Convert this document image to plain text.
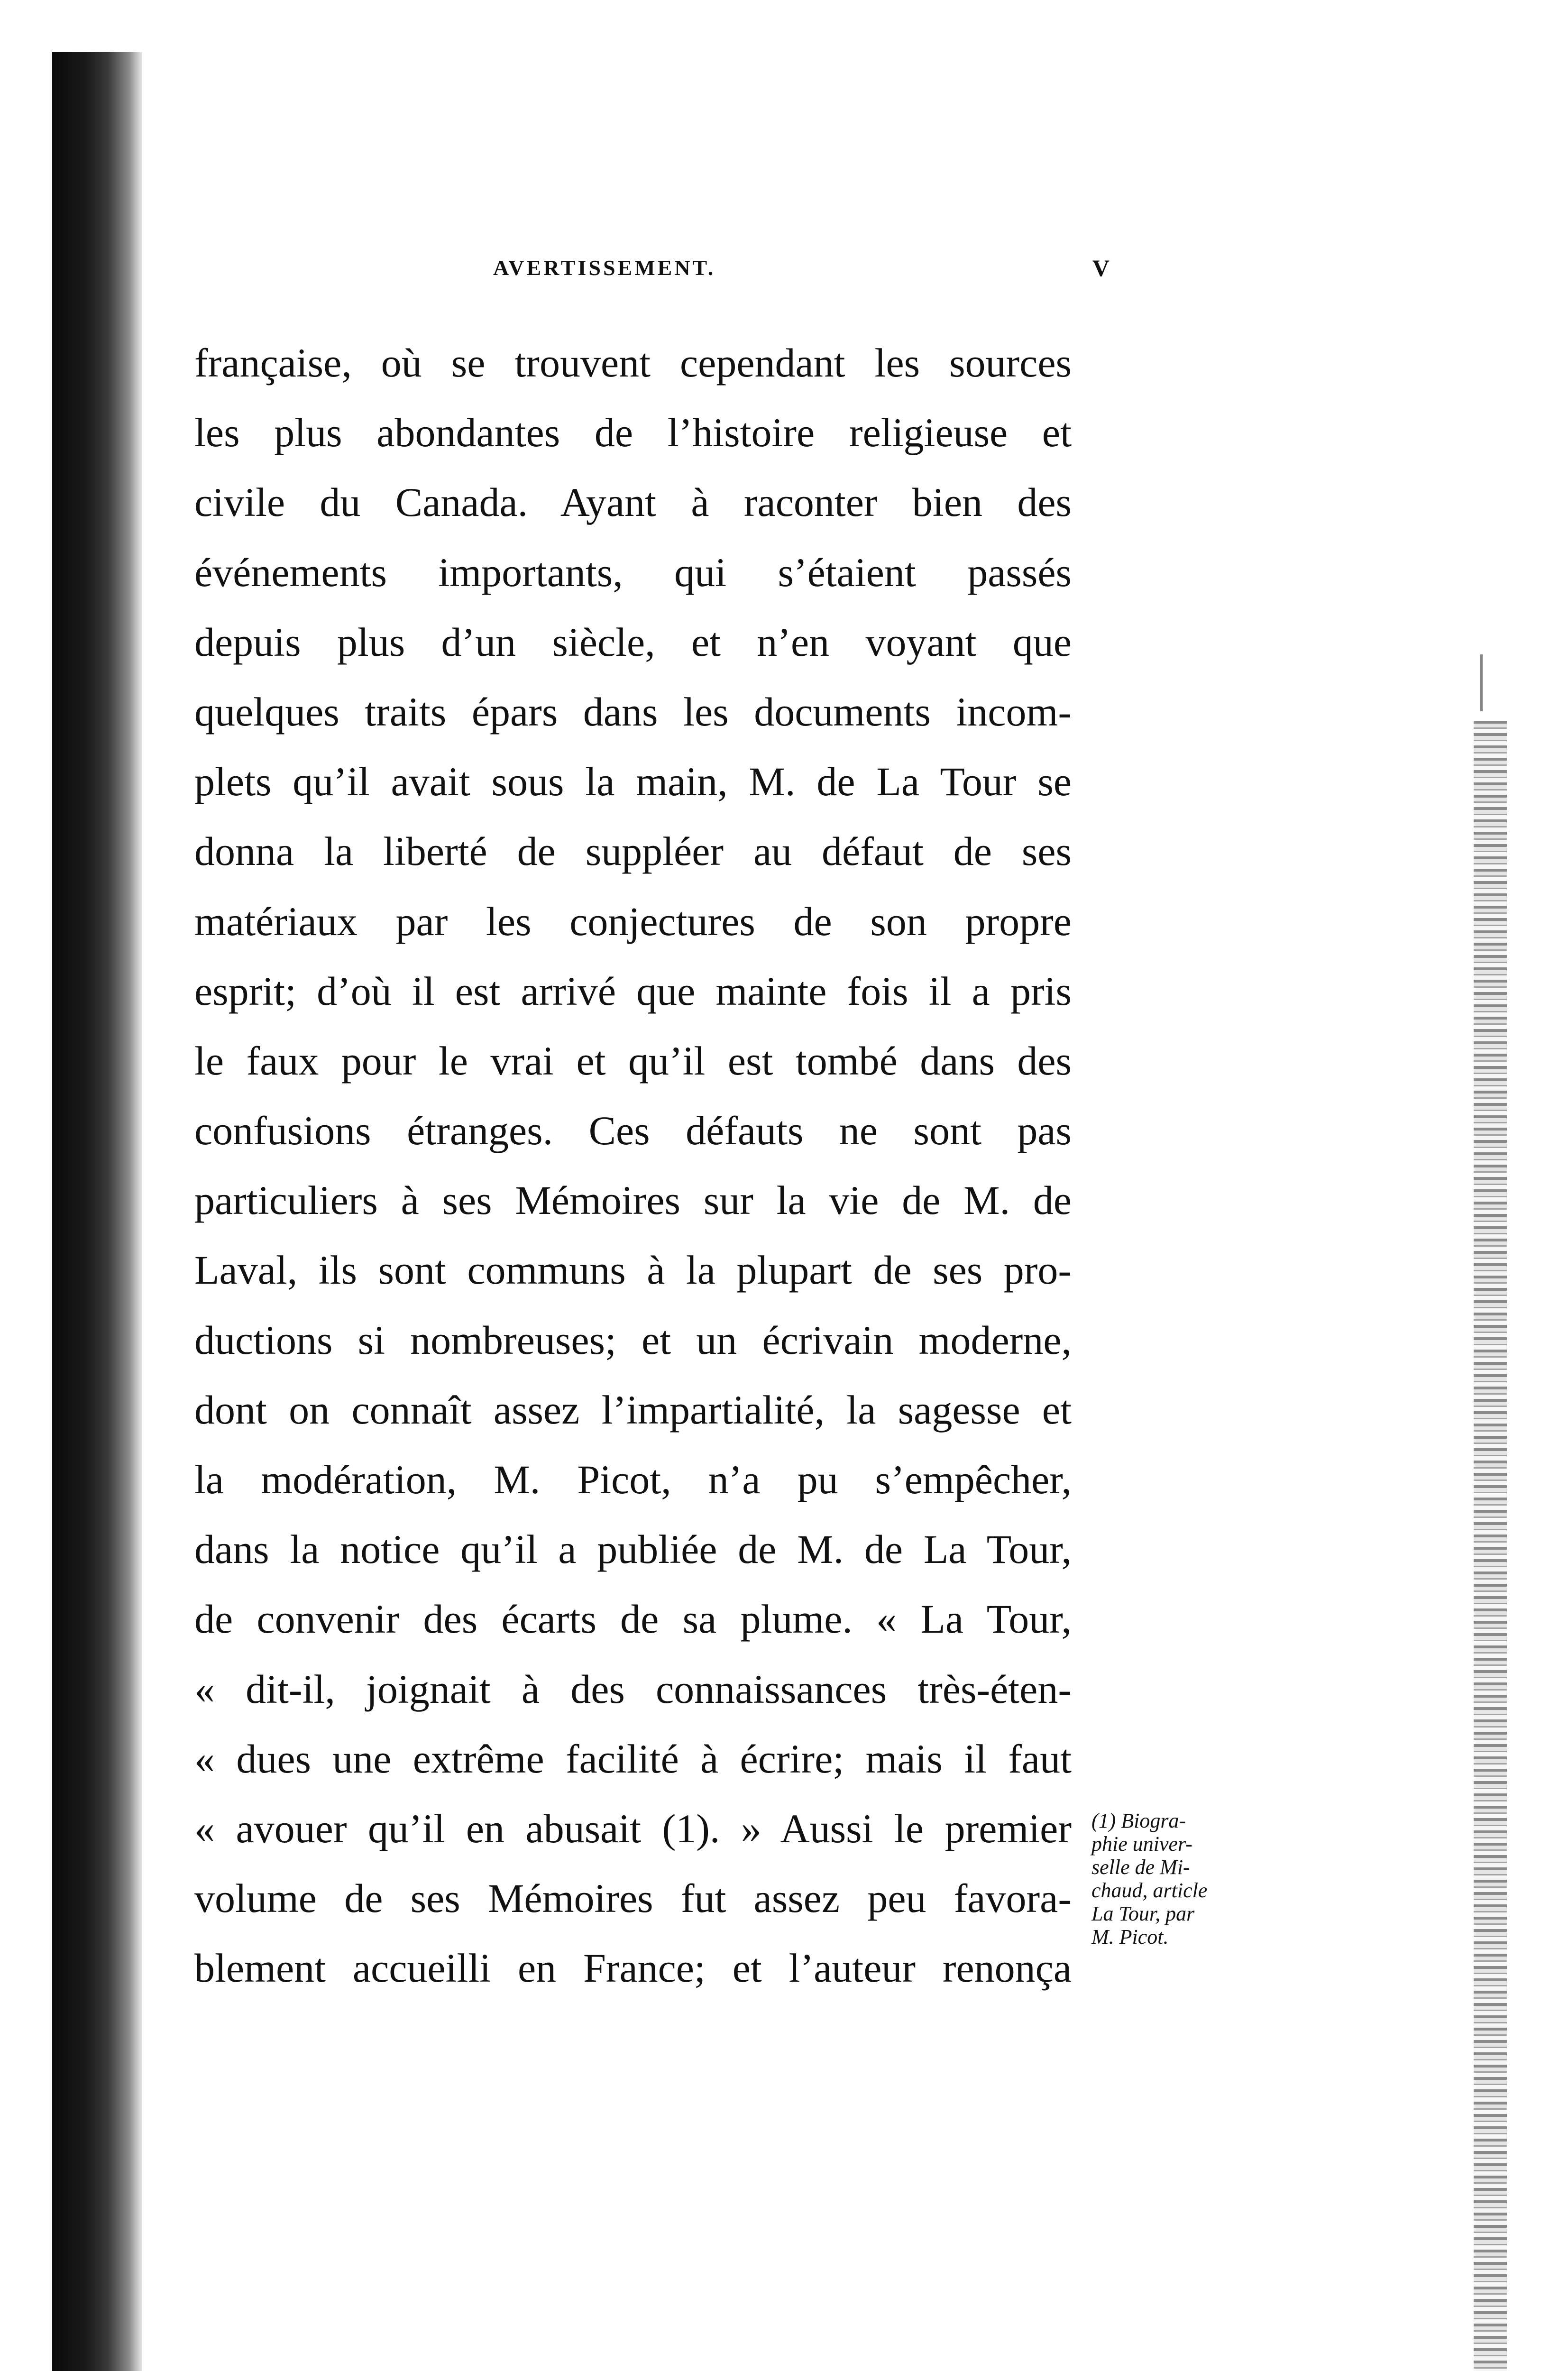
AVERTISSEMENT.	V
française, où se trouvent cependant les sources
les plus abondantes de l’histoire religieuse et
civile du Canada. Ayant à raconter bien des
événements importants, qui s’étaient passés
depuis plus d’un siècle, et n’en voyant que
quelques traits épars dans les documents incom-
plets qu’il avait sous la main, M. de La Tour se
donna la liberté de suppléer au défaut de ses
matériaux par les conjectures de son propre
esprit; d’où il est arrivé que mainte fois il a pris
le faux pour le vrai et qu’il est tombé dans des
confusions étranges. Ces défauts ne sont pas
particuliers à ses Mémoires sur la vie de M. de
Laval, ils sont communs à la plupart de ses pro-
ductions si nombreuses; et un écrivain moderne,
dont on connaît assez l’impartialité, la sagesse et
la modération, M. Picot, n’a pu s’empêcher,
dans la notice qu’il a publiée de M. de La Tour,
de convenir des écarts de sa plume. « La Tour,
« dit-il, joignait à des connaissances très-éten-
« dues une extrême facilité à écrire; mais il faut
« avouer qu’il en abusait (1). » Aussi le premier
volume de ses Mémoires fut assez peu favora-
blement accueilli en France; et l’auteur renonça
(1) Biogra-
phie univer-
selle de Mi-
chaud, article
La Tour, par
M. Picot.
